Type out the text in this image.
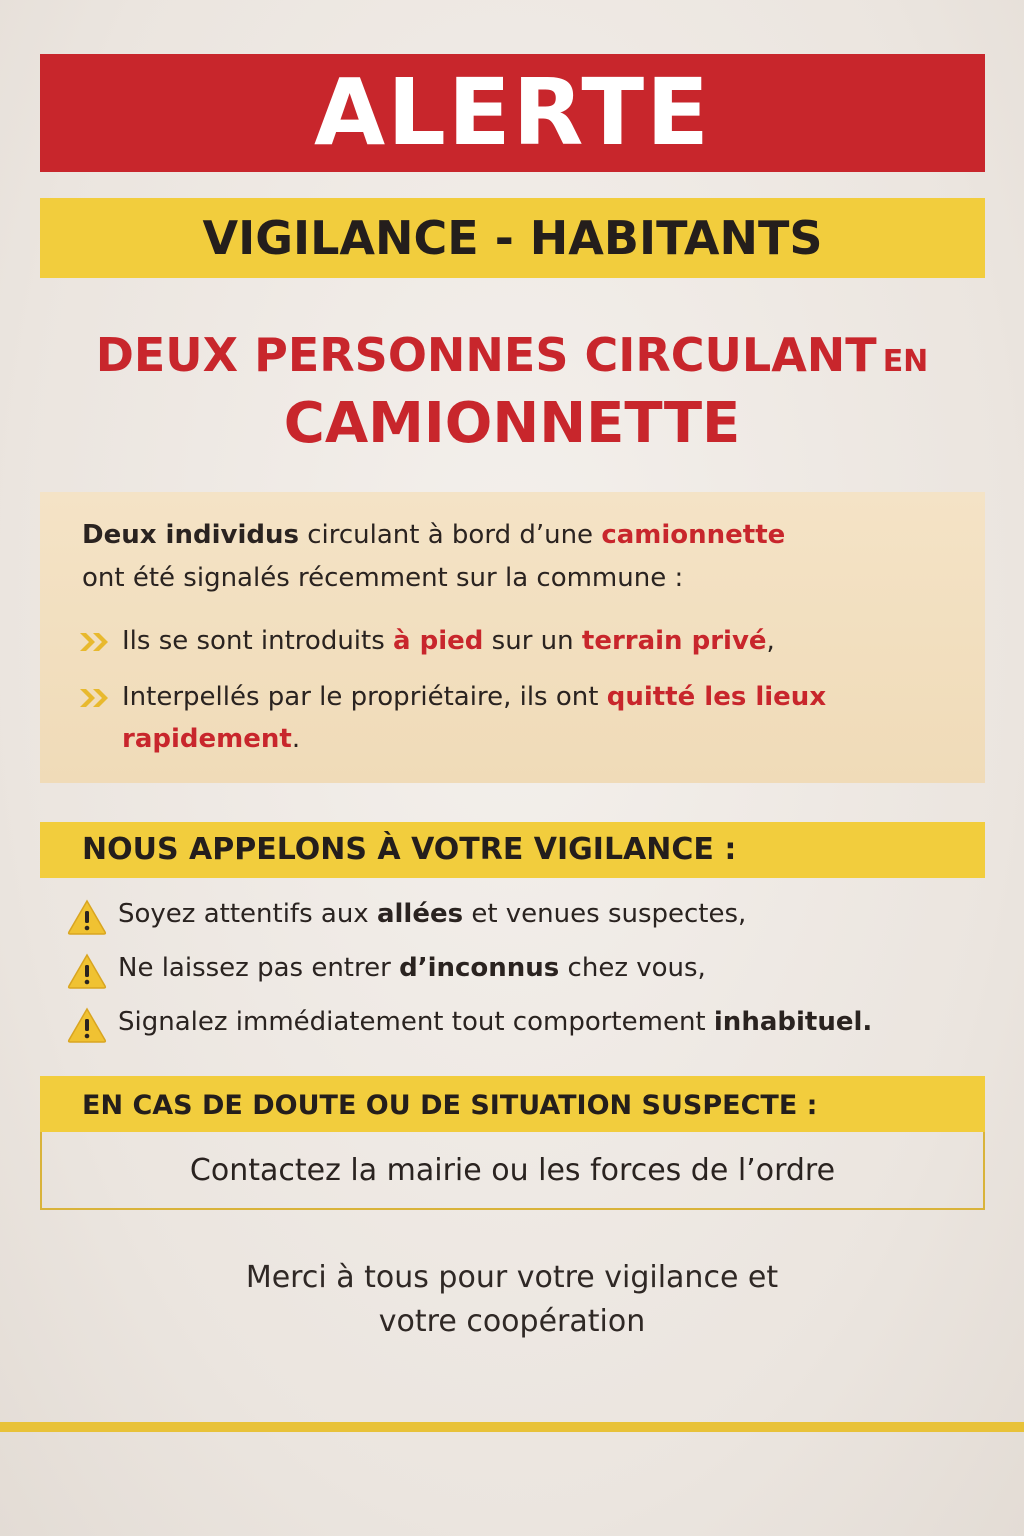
ALERTE
VIGILANCE - HABITANTS
DEUX PERSONNES CIRCULANT EN
CAMIONNETTE
Deux individus circulant à bord d’une camionnette
ont été signalés récemment sur la commune :
Ils se sont introduits à pied sur un terrain privé,
Interpellés par le propriétaire, ils ont quitté les lieux rapidement.
NOUS APPELONS À VOTRE VIGILANCE :
Soyez attentifs aux allées et venues suspectes,
Ne laissez pas entrer d’inconnus chez vous,
Signalez immédiatement tout comportement inhabituel.
EN CAS DE DOUTE OU DE SITUATION SUSPECTE :
Contactez la mairie ou les forces de l’ordre
Merci à tous pour votre vigilance et
votre coopération
